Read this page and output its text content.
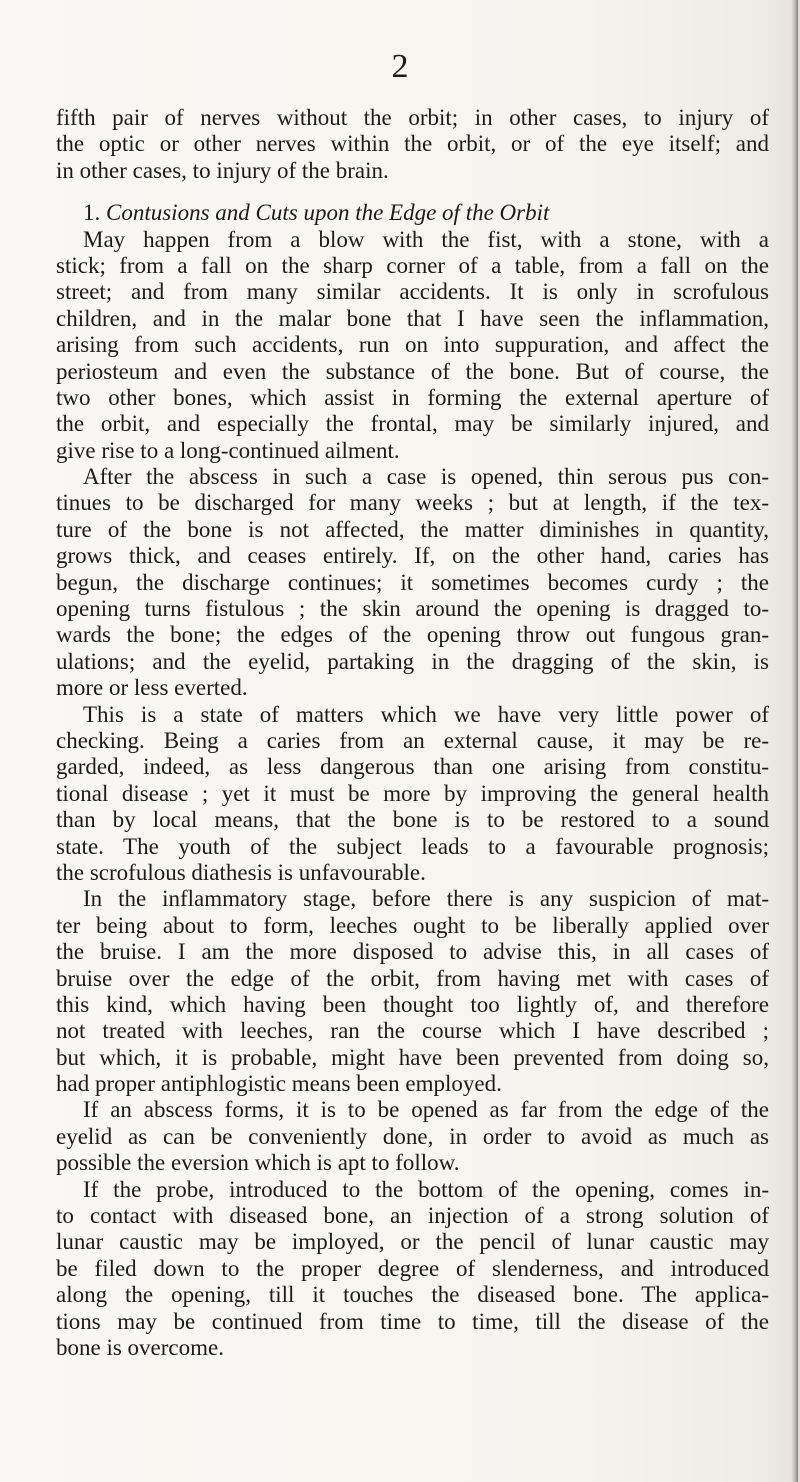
2
fifth pair of nerves without the orbit; in other cases, to injury of
the optic or other nerves within the orbit, or of the eye itself; and
in other cases, to injury of the brain.
1. Contusions and Cuts upon the Edge of the Orbit
May happen from a blow with the fist, with a stone, with a
stick; from a fall on the sharp corner of a table, from a fall on the
street; and from many similar accidents. It is only in scrofulous
children, and in the malar bone that I have seen the inflammation,
arising from such accidents, run on into suppuration, and affect the
periosteum and even the substance of the bone. But of course, the
two other bones, which assist in forming the external aperture of
the orbit, and especially the frontal, may be similarly injured, and
give rise to a long-continued ailment.
After the abscess in such a case is opened, thin serous pus con-
tinues to be discharged for many weeks ; but at length, if the tex-
ture of the bone is not affected, the matter diminishes in quantity,
grows thick, and ceases entirely. If, on the other hand, caries has
begun, the discharge continues; it sometimes becomes curdy ; the
opening turns fistulous ; the skin around the opening is dragged to-
wards the bone; the edges of the opening throw out fungous gran-
ulations; and the eyelid, partaking in the dragging of the skin, is
more or less everted.
This is a state of matters which we have very little power of
checking. Being a caries from an external cause, it may be re-
garded, indeed, as less dangerous than one arising from constitu-
tional disease ; yet it must be more by improving the general health
than by local means, that the bone is to be restored to a sound
state. The youth of the subject leads to a favourable prognosis;
the scrofulous diathesis is unfavourable.
In the inflammatory stage, before there is any suspicion of mat-
ter being about to form, leeches ought to be liberally applied over
the bruise. I am the more disposed to advise this, in all cases of
bruise over the edge of the orbit, from having met with cases of
this kind, which having been thought too lightly of, and therefore
not treated with leeches, ran the course which I have described ;
but which, it is probable, might have been prevented from doing so,
had proper antiphlogistic means been employed.
If an abscess forms, it is to be opened as far from the edge of the
eyelid as can be conveniently done, in order to avoid as much as
possible the eversion which is apt to follow.
If the probe, introduced to the bottom of the opening, comes in-
to contact with diseased bone, an injection of a strong solution of
lunar caustic may be imployed, or the pencil of lunar caustic may
be filed down to the proper degree of slenderness, and introduced
along the opening, till it touches the diseased bone. The applica-
tions may be continued from time to time, till the disease of the
bone is overcome.
